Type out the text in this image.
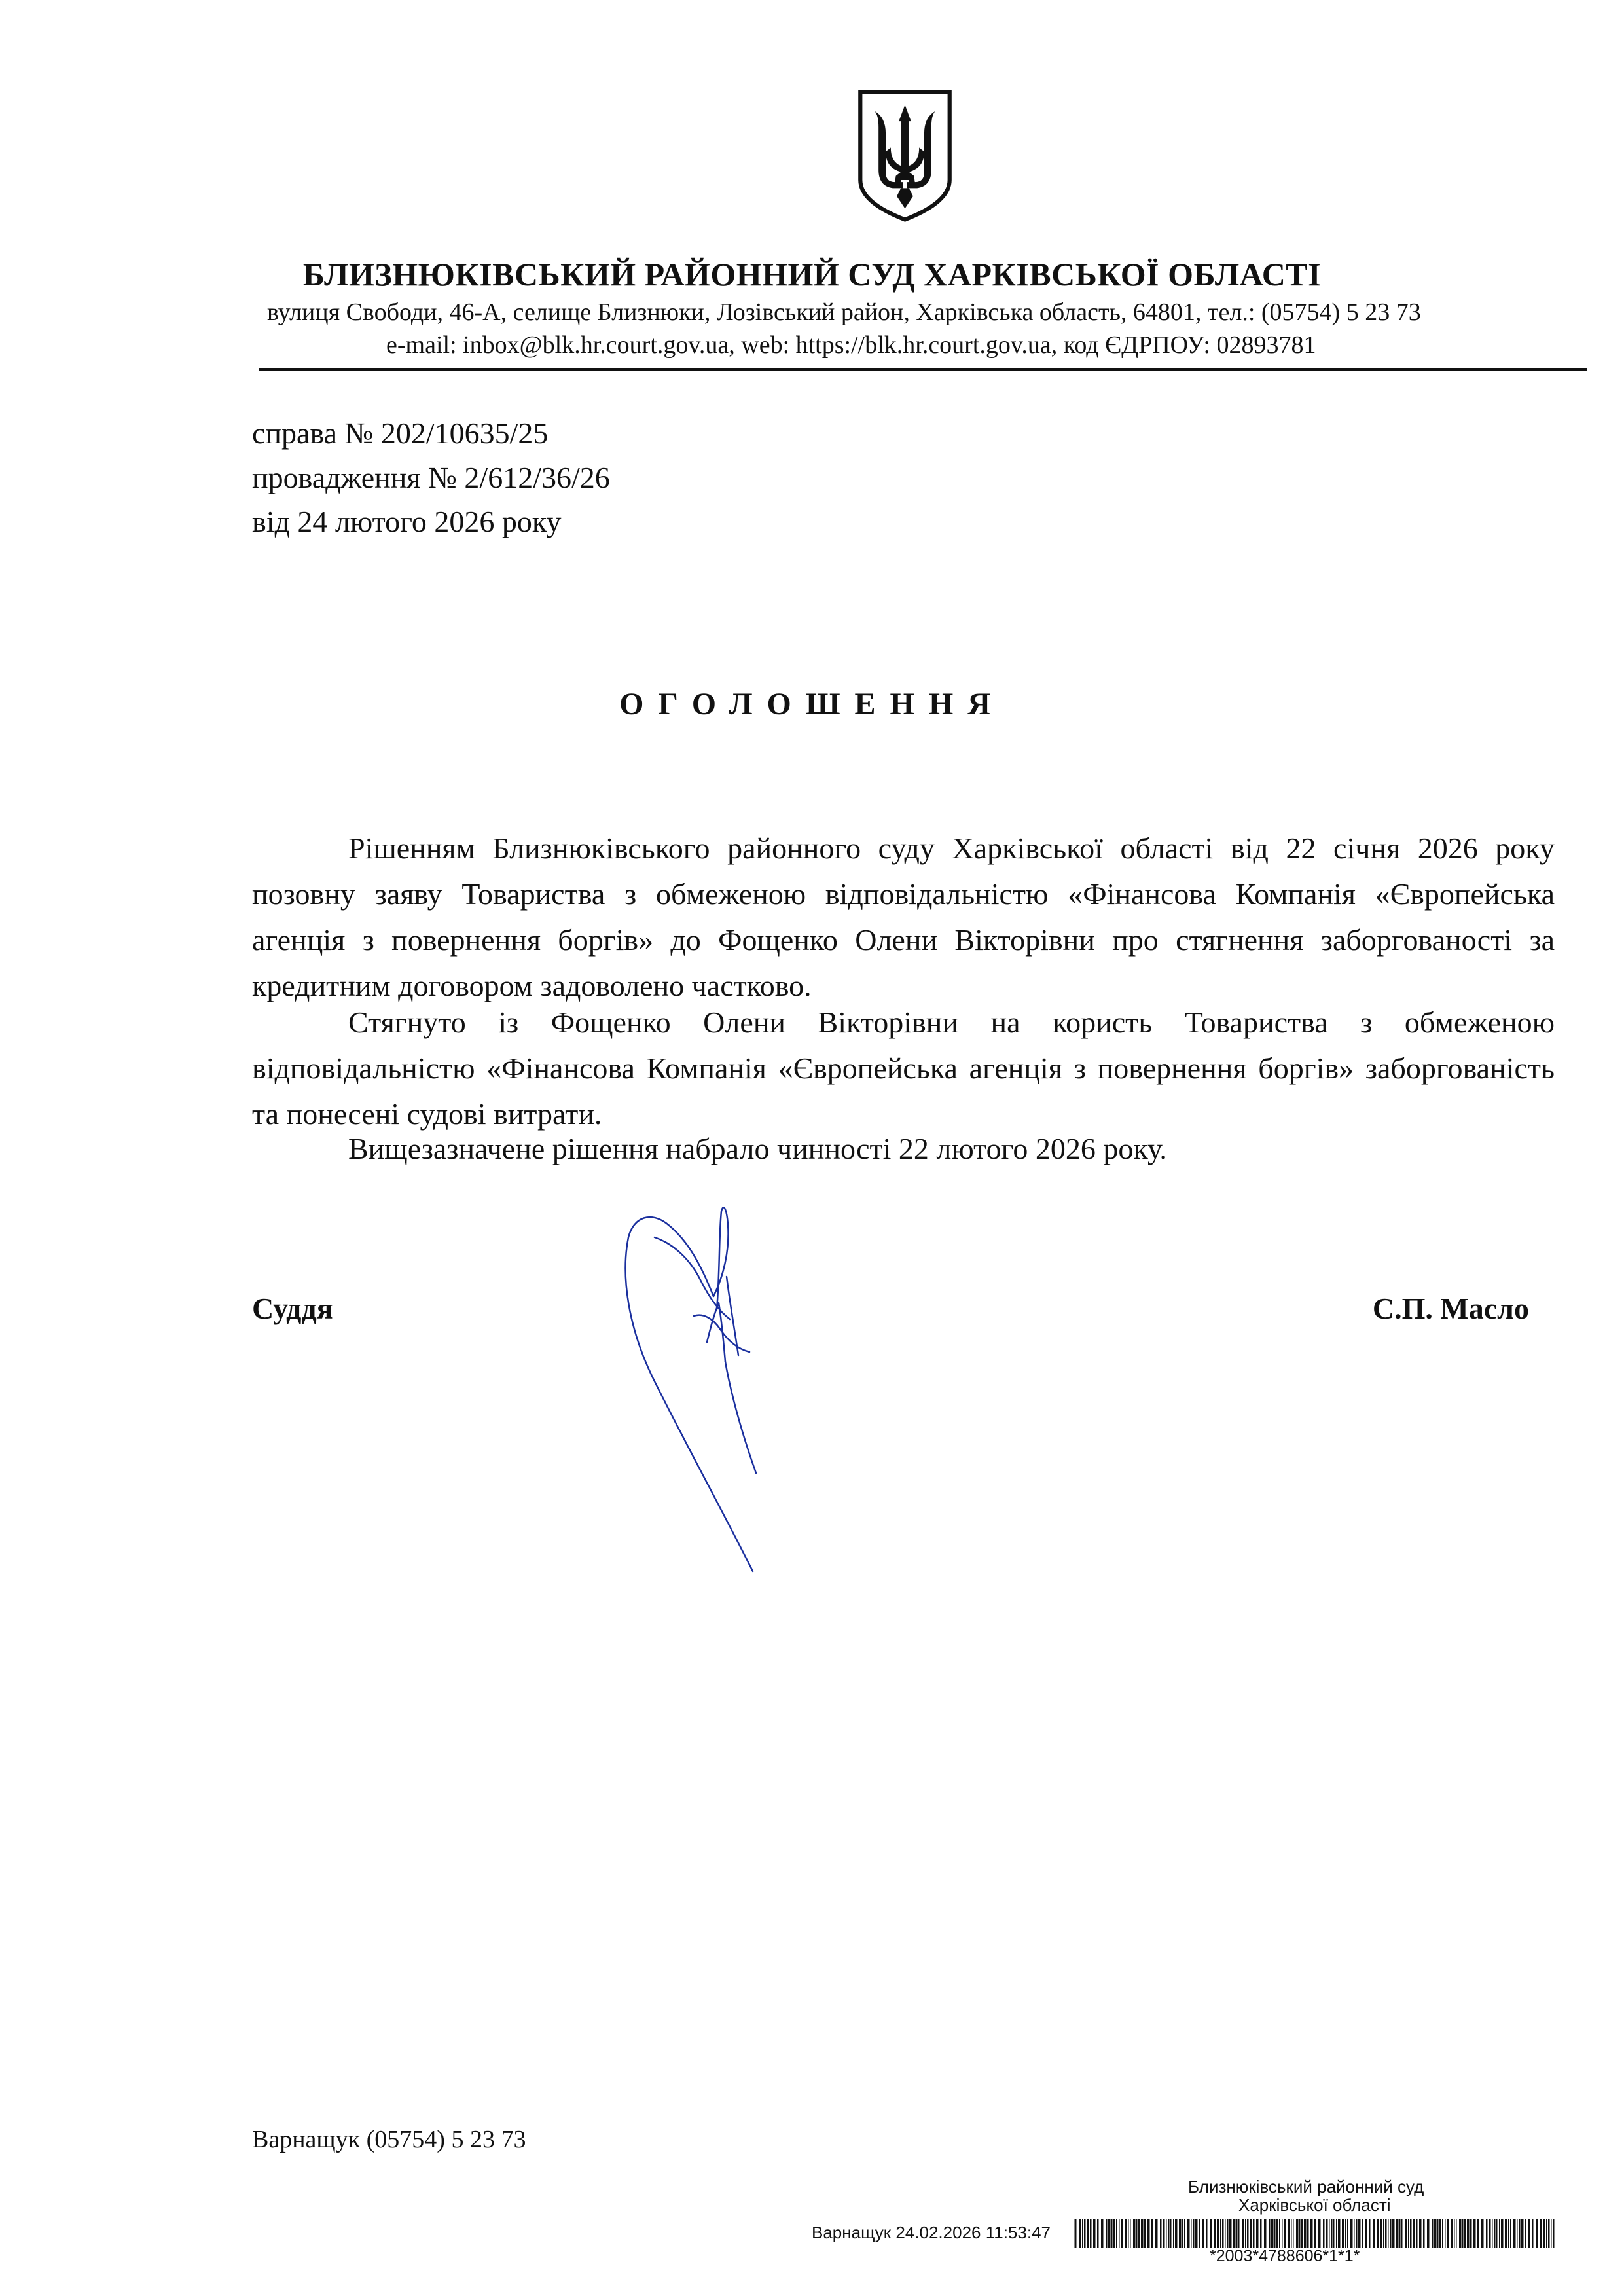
БЛИЗНЮКІВСЬКИЙ РАЙОННИЙ СУД ХАРКІВСЬКОЇ ОБЛАСТІ
вулиця Свободи, 46-А, селище Близнюки, Лозівський район, Харківська область, 64801, тел.: (05754) 5 23 73
e-mail: inbox@blk.hr.court.gov.ua, web: https://blk.hr.court.gov.ua, код ЄДРПОУ: 02893781
справа № 202/10635/25
провадження № 2/612/36/26
від 24 лютого 2026 року
ОГОЛОШЕННЯ

Рішенням Близнюківського районного суду Харківської області від 22 січня 2026 року позовну заяву Товариства з обмеженою відповідальністю «Фінансова Компанія «Європейська агенція з повернення боргів» до Фощенко Олени Вікторівни про стягнення заборгованості за кредитним договором задоволено частково.

Стягнуто із Фощенко Олени Вікторівни на користь Товариства з обмеженою відповідальністю «Фінансова Компанія «Європейська агенція з повернення боргів» заборгованість та понесені судові витрати.

Вищезазначене рішення набрало чинності 22 лютого 2026 року.

Суддя	С.П. Масло
Варнащук (05754) 5 23 73
Близнюківський районний суд
Харківської області
Варнащук 24.02.2026 11:53:47
*2003*4788606*1*1*
